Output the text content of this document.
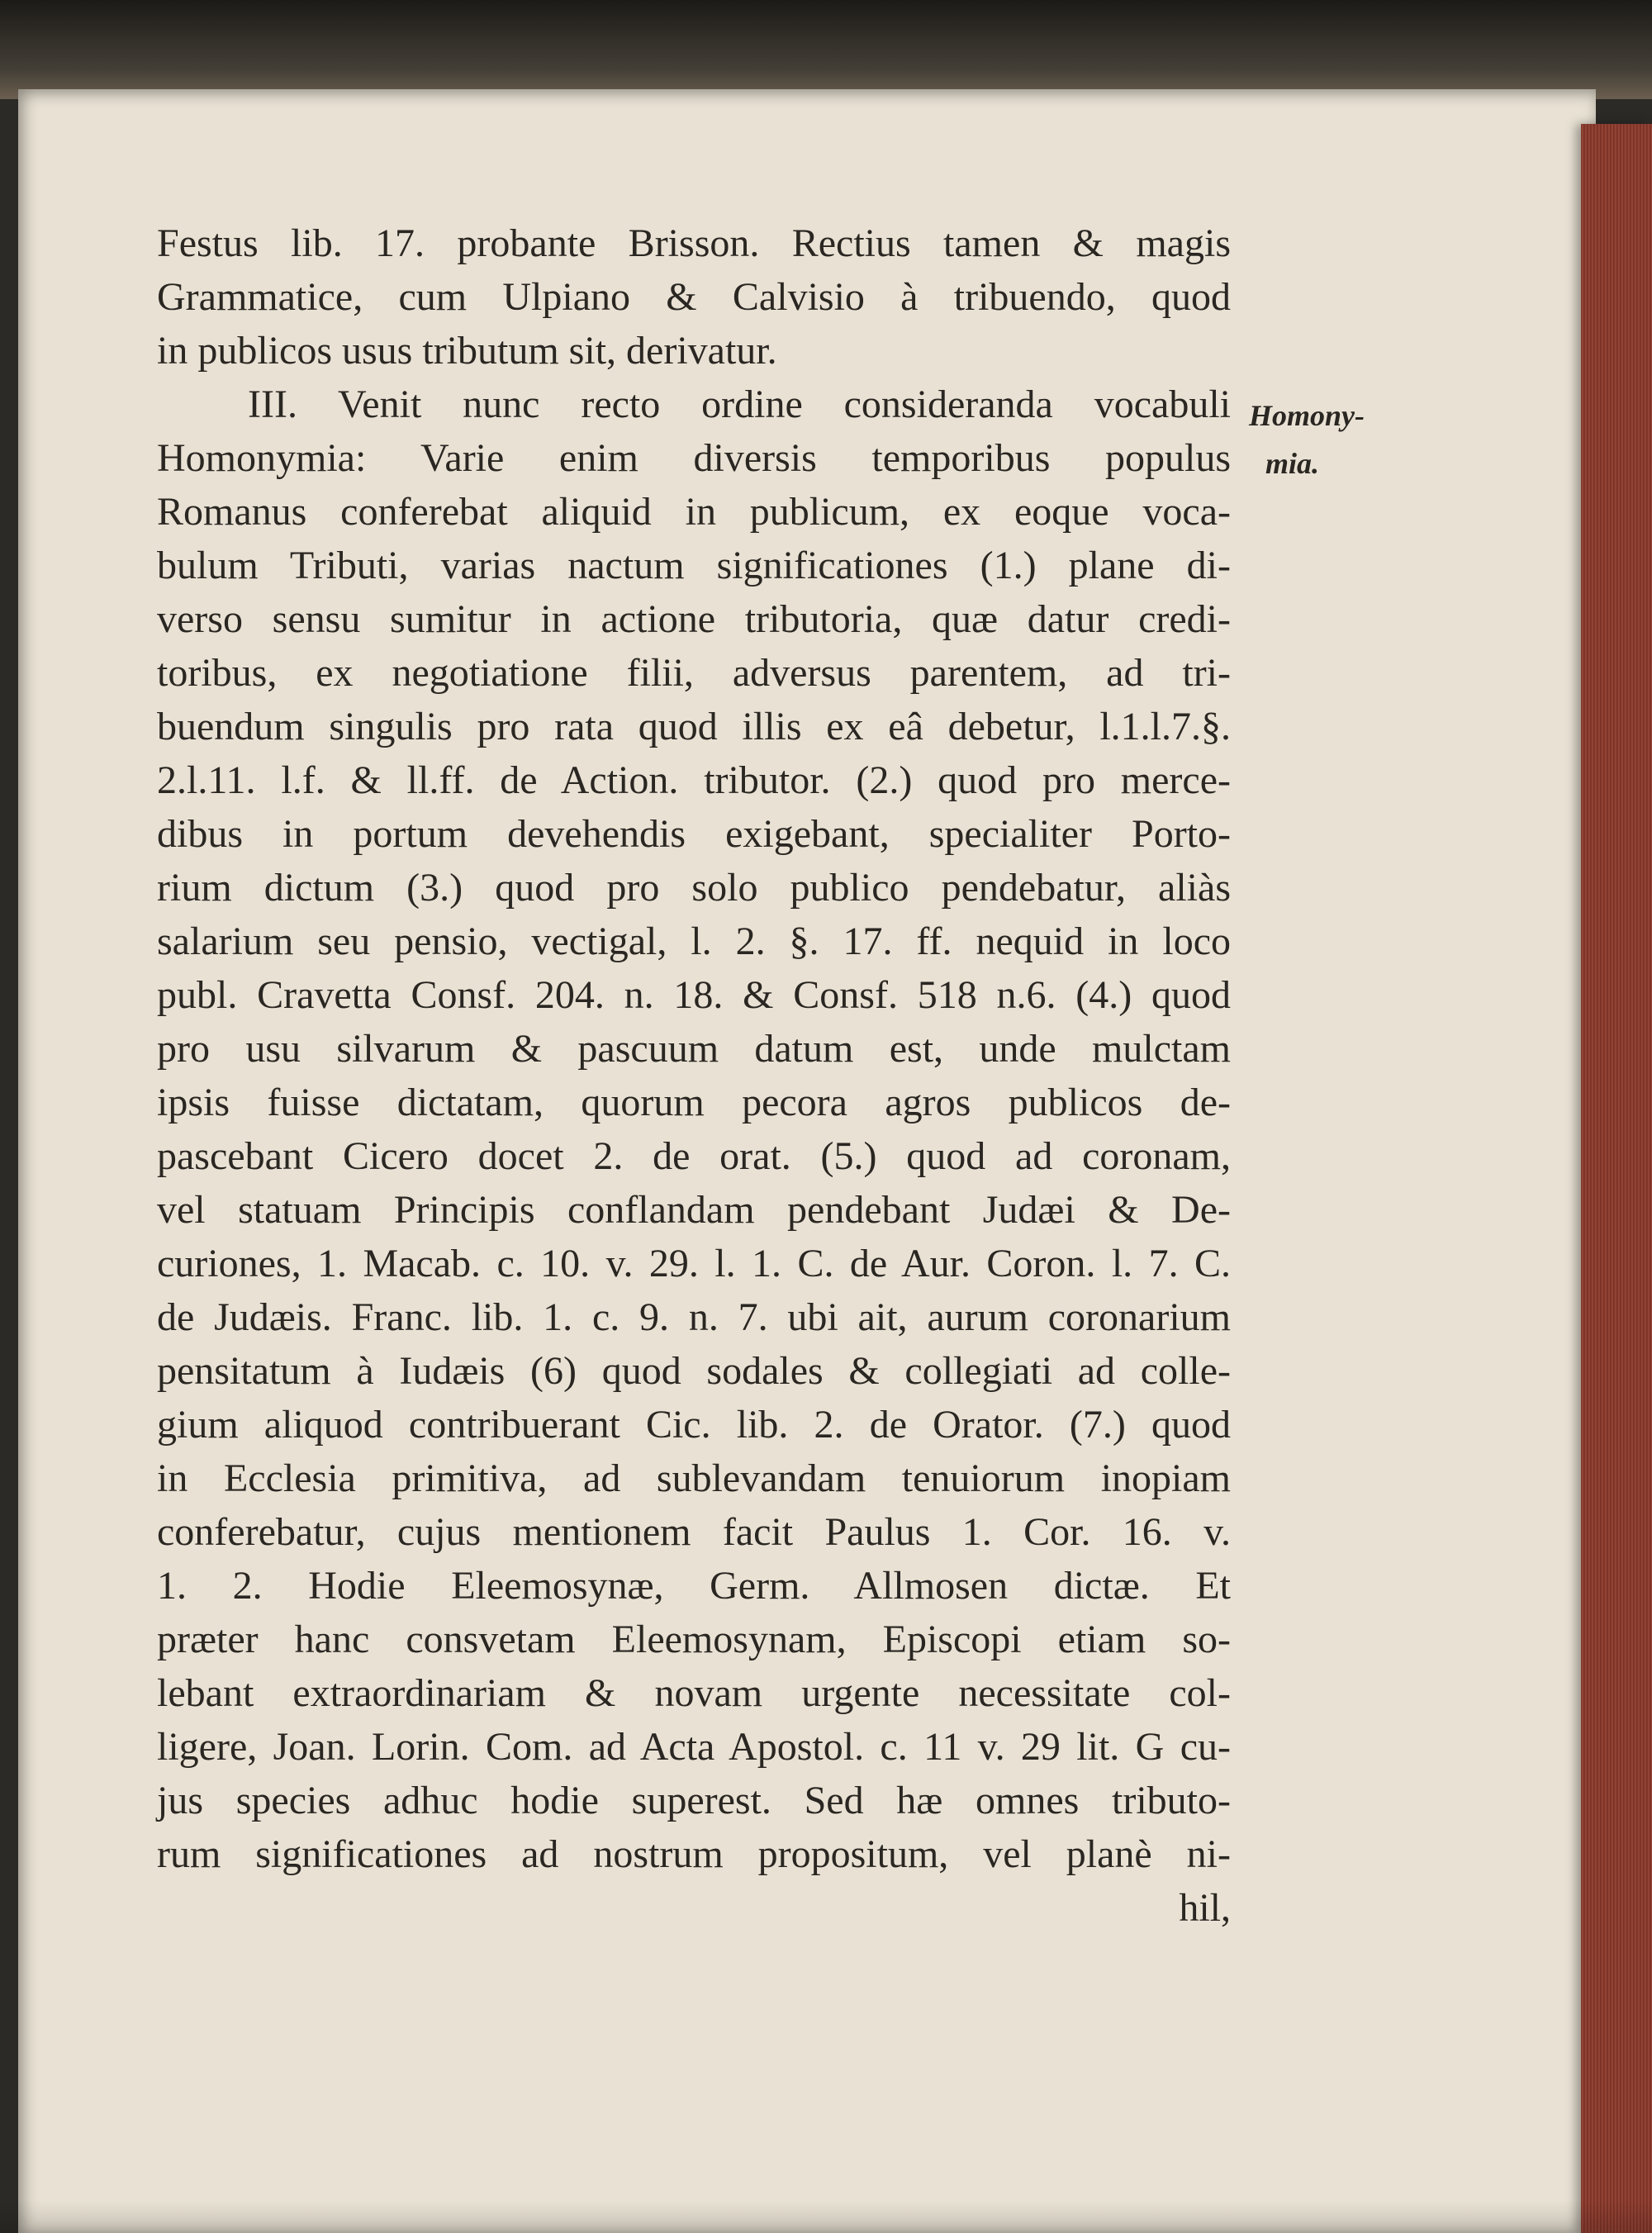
Festus lib. 17. probante Brisson. Rectius tamen & magis
Grammatice, cum Ulpiano & Calvisio à tribuendo, quod
in publicos usus tributum sit, derivatur.
III. Venit nunc recto ordine consideranda vocabuli
Homonymia: Varie enim diversis temporibus populus
Romanus conferebat aliquid in publicum, ex eoque voca-
bulum Tributi, varias nactum significationes (1.) plane di-
verso sensu sumitur in actione tributoria, quæ datur credi-
toribus, ex negotiatione filii, adversus parentem, ad tri-
buendum singulis pro rata quod illis ex eâ debetur, l.1.l.7.§.
2.l.11. l.f. & ll.ff. de Action. tributor. (2.) quod pro merce-
dibus in portum devehendis exigebant, specialiter Porto-
rium dictum (3.) quod pro solo publico pendebatur, aliàs
salarium seu pensio, vectigal, l. 2. §. 17. ff. nequid in loco
publ. Cravetta Consf. 204. n. 18. & Consf. 518 n.6. (4.) quod
pro usu silvarum & pascuum datum est, unde mulctam
ipsis fuisse dictatam, quorum pecora agros publicos de-
pascebant Cicero docet 2. de orat. (5.) quod ad coronam,
vel statuam Principis conflandam pendebant Judæi & De-
curiones, 1. Macab. c. 10. v. 29. l. 1. C. de Aur. Coron. l. 7. C.
de Judæis. Franc. lib. 1. c. 9. n. 7. ubi ait, aurum coronarium
pensitatum à Iudæis (6) quod sodales & collegiati ad colle-
gium aliquod contribuerant Cic. lib. 2. de Orator. (7.) quod
in Ecclesia primitiva, ad sublevandam tenuiorum inopiam
conferebatur, cujus mentionem facit Paulus 1. Cor. 16. v.
1. 2. Hodie Eleemosynæ, Germ. Allmosen dictæ. Et
præter hanc consvetam Eleemosynam, Episcopi etiam so-
lebant extraordinariam & novam urgente necessitate col-
ligere, Joan. Lorin. Com. ad Acta Apostol. c. 11 v. 29 lit. G cu-
jus species adhuc hodie superest. Sed hæ omnes tributo-
rum significationes ad nostrum propositum, vel planè ni-
hil,
Homony-
mia.
